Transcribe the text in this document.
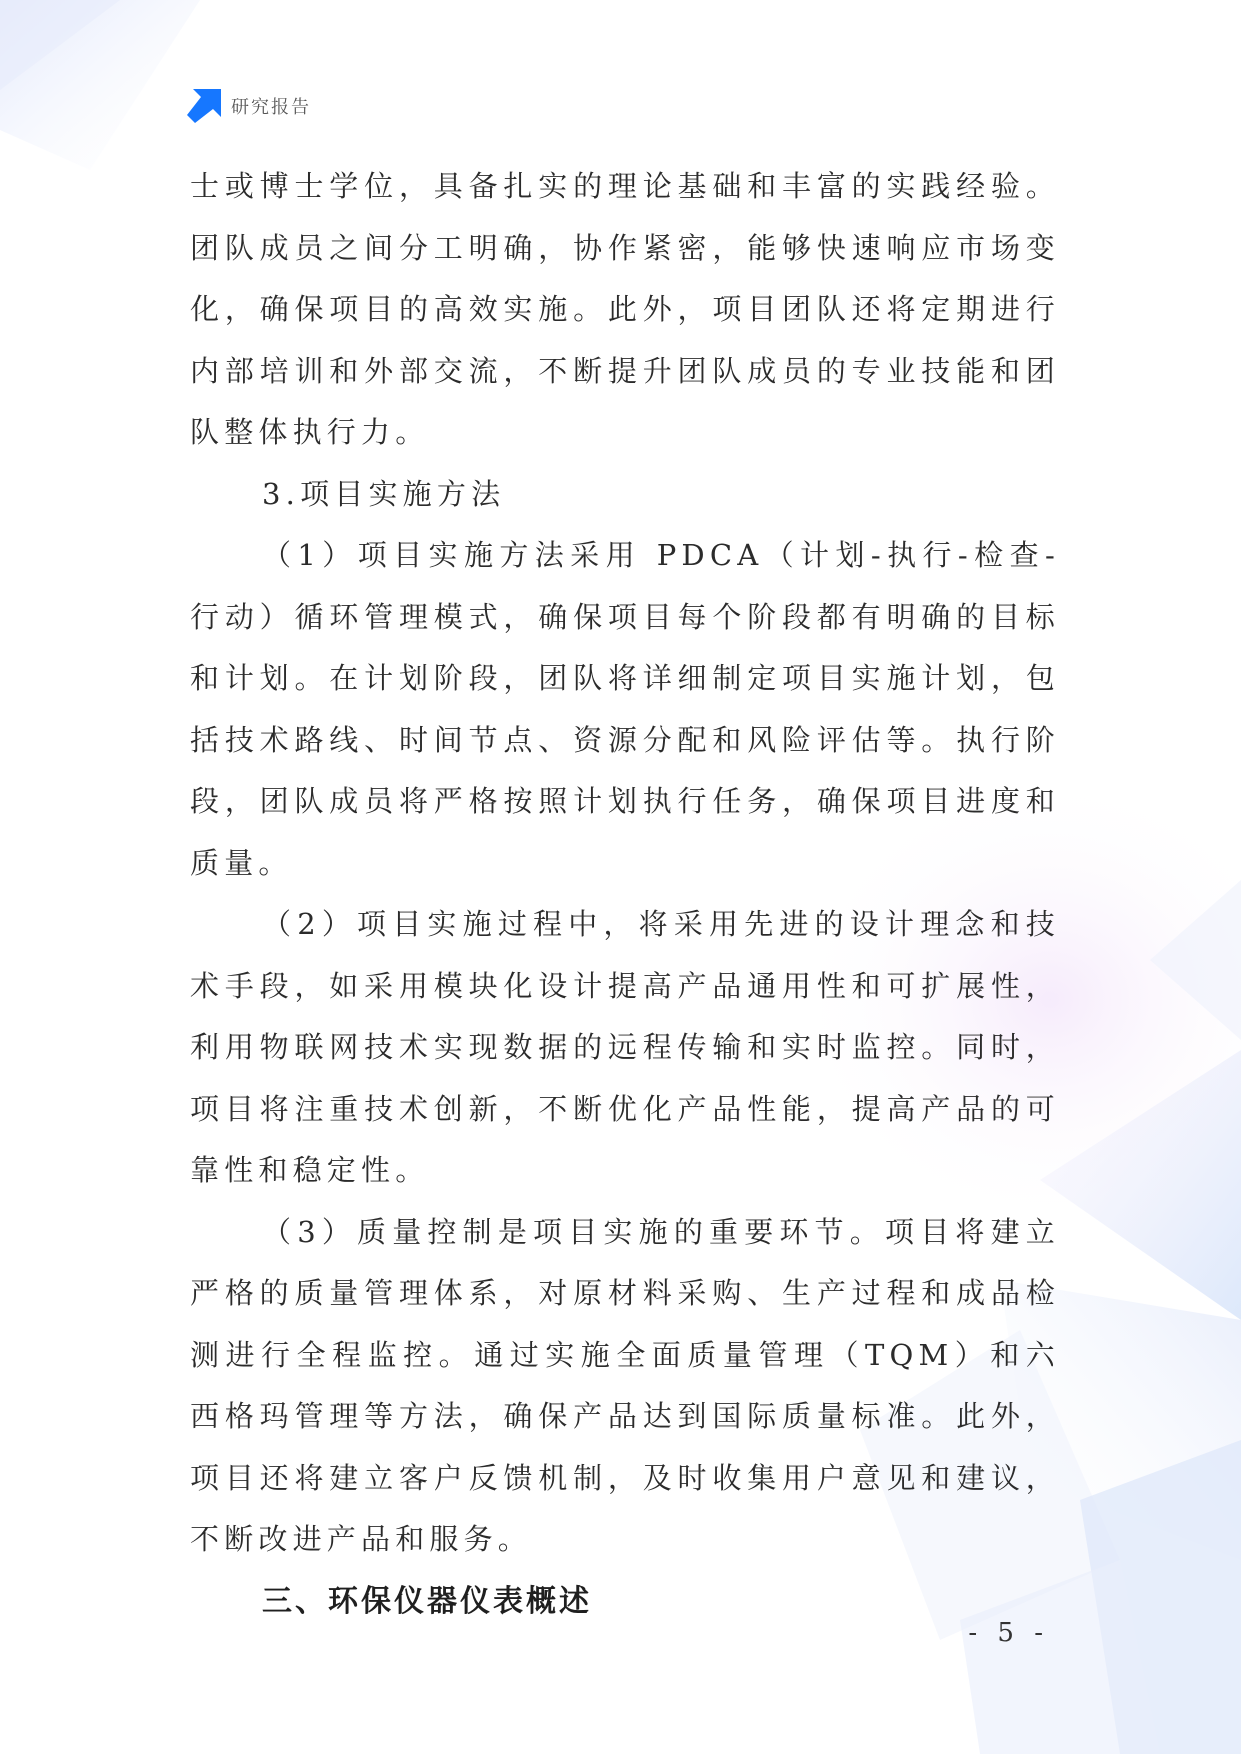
研究报告

士或博士学位，具备扎实的理论基础和丰富的实践经验。团队成员之间分工明确，协作紧密，能够快速响应市场变化，确保项目的高效实施。此外，项目团队还将定期进行内部培训和外部交流，不断提升团队成员的专业技能和团队整体执行力。

3.项目实施方法

（1）项目实施方法采用 PDCA（计划-执行-检查-行动）循环管理模式，确保项目每个阶段都有明确的目标和计划。在计划阶段，团队将详细制定项目实施计划，包括技术路线、时间节点、资源分配和风险评估等。执行阶段，团队成员将严格按照计划执行任务，确保项目进度和质量。

（2）项目实施过程中，将采用先进的设计理念和技术手段，如采用模块化设计提高产品通用性和可扩展性，利用物联网技术实现数据的远程传输和实时监控。同时，项目将注重技术创新，不断优化产品性能，提高产品的可靠性和稳定性。

（3）质量控制是项目实施的重要环节。项目将建立严格的质量管理体系，对原材料采购、生产过程和成品检测进行全程监控。通过实施全面质量管理（TQM）和六西格玛管理等方法，确保产品达到国际质量标准。此外，项目还将建立客户反馈机制，及时收集用户意见和建议，不断改进产品和服务。

三、环保仪器仪表概述

- 5 -
